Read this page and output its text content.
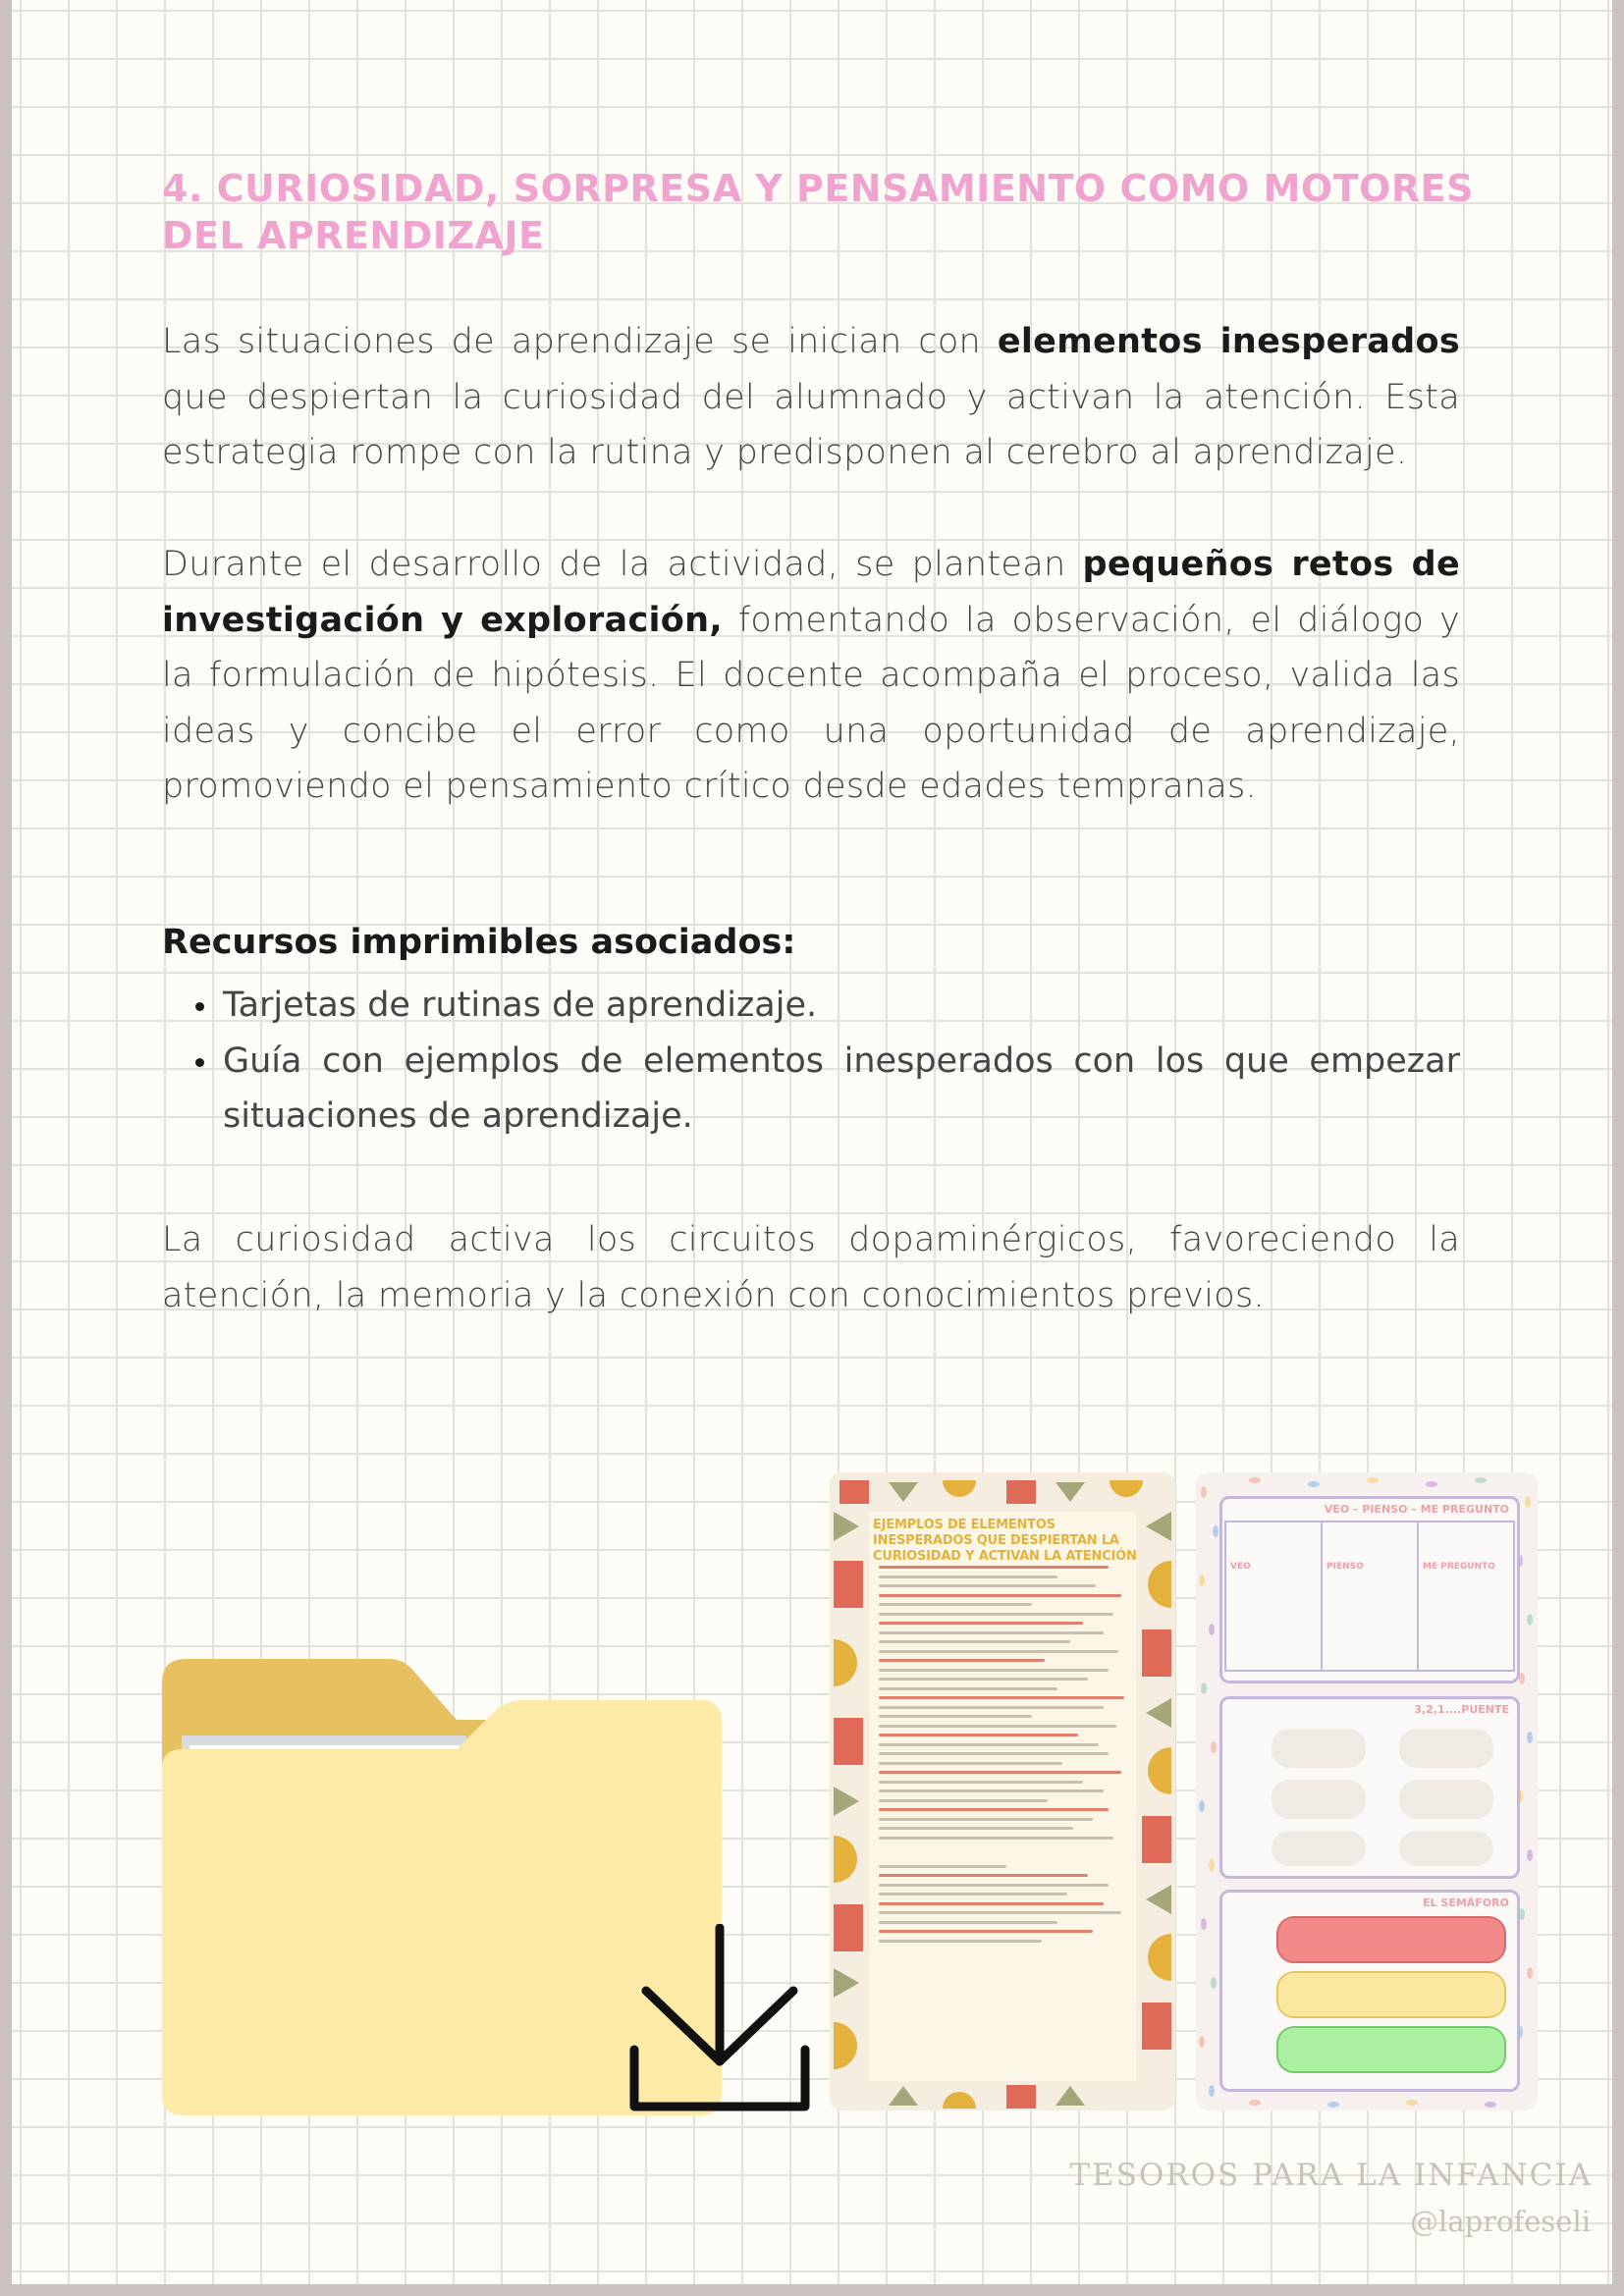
4. CURIOSIDAD, SORPRESA Y PENSAMIENTO COMO MOTORES
DEL APRENDIZAJE

Las situaciones de aprendizaje se inician con elementos inesperados que despiertan la curiosidad del alumnado y activan la atención. Esta estrategia rompe con la rutina y predisponen al cerebro al aprendizaje.

Durante el desarrollo de la actividad, se plantean pequeños retos de investigación y exploración, fomentando la observación, el diálogo y la formulación de hipótesis. El docente acompaña el proceso, valida las ideas y concibe el error como una oportunidad de aprendizaje, promoviendo el pensamiento crítico desde edades tempranas.

Recursos imprimibles asociados:
Tarjetas de rutinas de aprendizaje.
Guía con ejemplos de elementos inesperados con los que empezar situaciones de aprendizaje.

La curiosidad activa los circuitos dopaminérgicos, favoreciendo la atención, la memoria y la conexión con conocimientos previos.

EJEMPLOS DE ELEMENTOS INESPERADOS QUE DESPIERTAN LA CURIOSIDAD Y ACTIVAN LA ATENCIÓN
VEO – PIENSO – ME PREGUNTO
VEO	PIENSO	ME PREGUNTO
3,2,1....PUENTE
EL SEMÁFORO
TESOROS PARA LA INFANCIA
@laprofeseli
